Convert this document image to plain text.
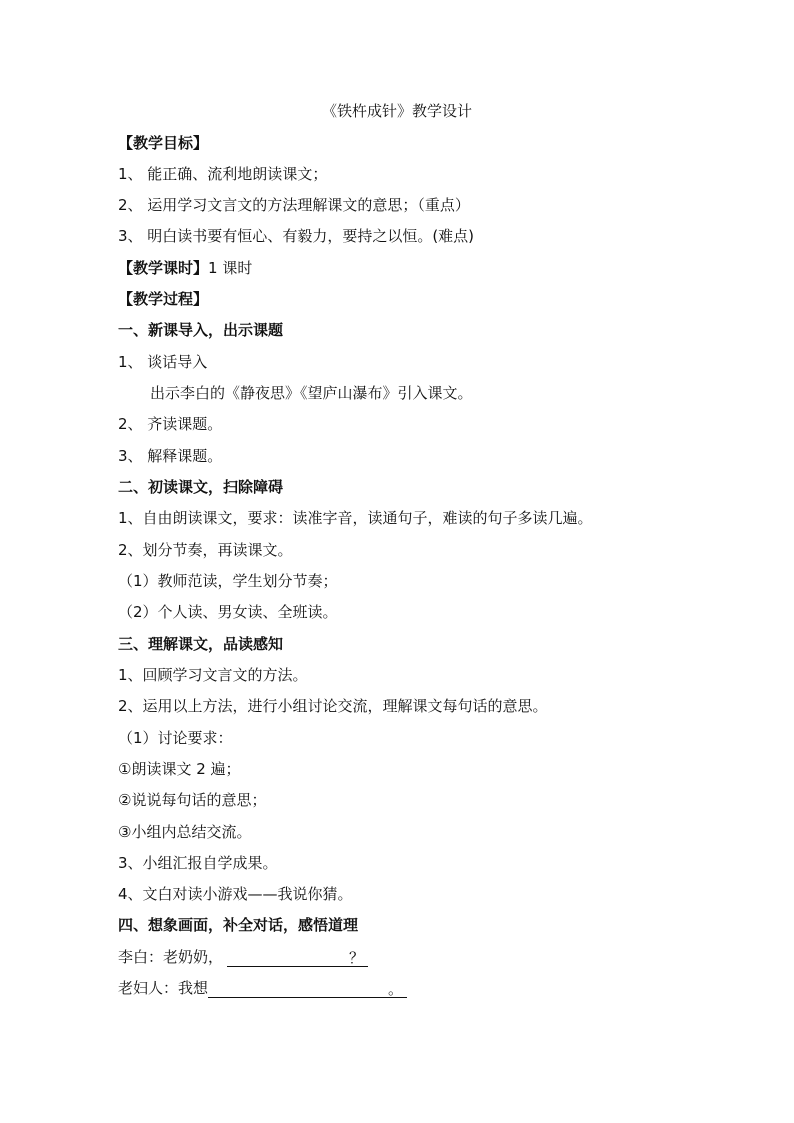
《铁杵成针》教学设计
【教学目标】
1、 能正确、流利地朗读课文；
2、 运用学习文言文的方法理解课文的意思；（重点）
3、 明白读书要有恒心、有毅力，要持之以恒。(难点)
【教学课时】1 课时
【教学过程】
一、新课导入，出示课题
1、 谈话导入
出示李白的《静夜思》《望庐山瀑布》引入课文。
2、 齐读课题。
3、 解释课题。
二、初读课文，扫除障碍
1、自由朗读课文，要求：读准字音，读通句子，难读的句子多读几遍。
2、划分节奏，再读课文。
（1）教师范读，学生划分节奏；
（2）个人读、男女读、全班读。
三、理解课文，品读感知
1、回顾学习文言文的方法。
2、运用以上方法，进行小组讨论交流，理解课文每句话的意思。
（1）讨论要求：
①朗读课文 2 遍；
②说说每句话的意思；
③小组内总结交流。
3、小组汇报自学成果。
4、文白对读小游戏——我说你猜。
四、想象画面，补全对话，感悟道理
李白：老奶奶，	？
老妇人：我想	。
